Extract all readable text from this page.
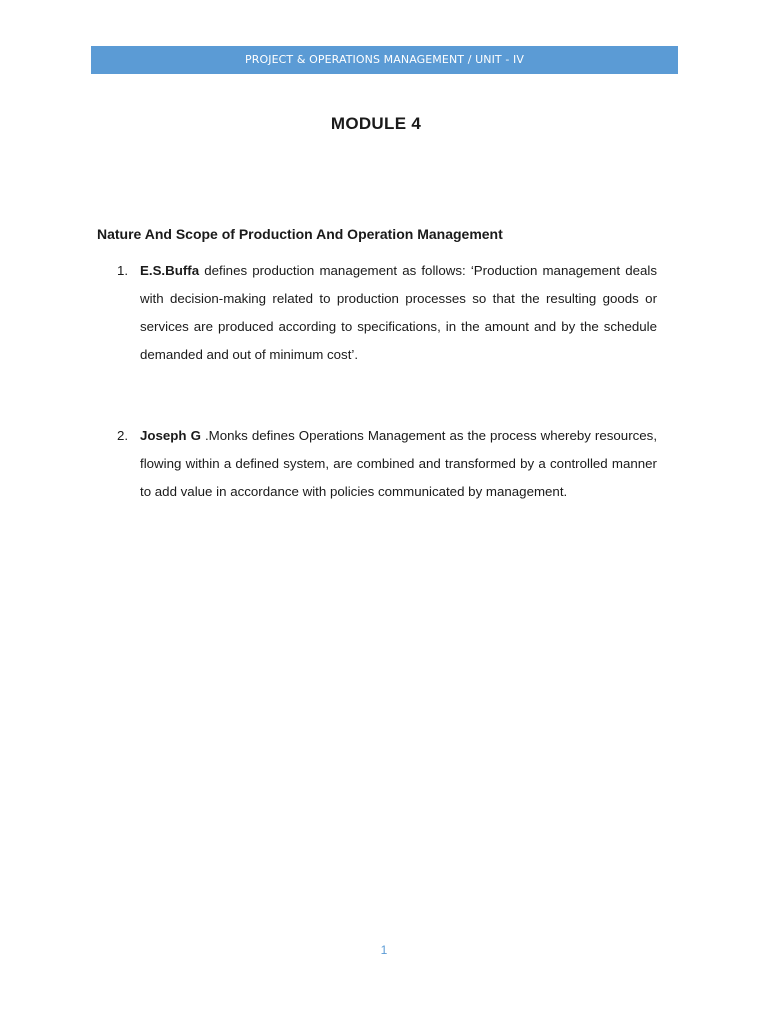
PROJECT & OPERATIONS MANAGEMENT / UNIT - IV
MODULE 4
Nature And Scope of Production And Operation Management
1. E.S.Buffa defines production management as follows: ‘Production management deals with decision-making related to production processes so that the resulting goods or services are produced according to specifications, in the amount and by the schedule demanded and out of minimum cost’.
2. Joseph G .Monks defines Operations Management as the process whereby resources, flowing within a defined system, are combined and transformed by a controlled manner to add value in accordance with policies communicated by management.
1
